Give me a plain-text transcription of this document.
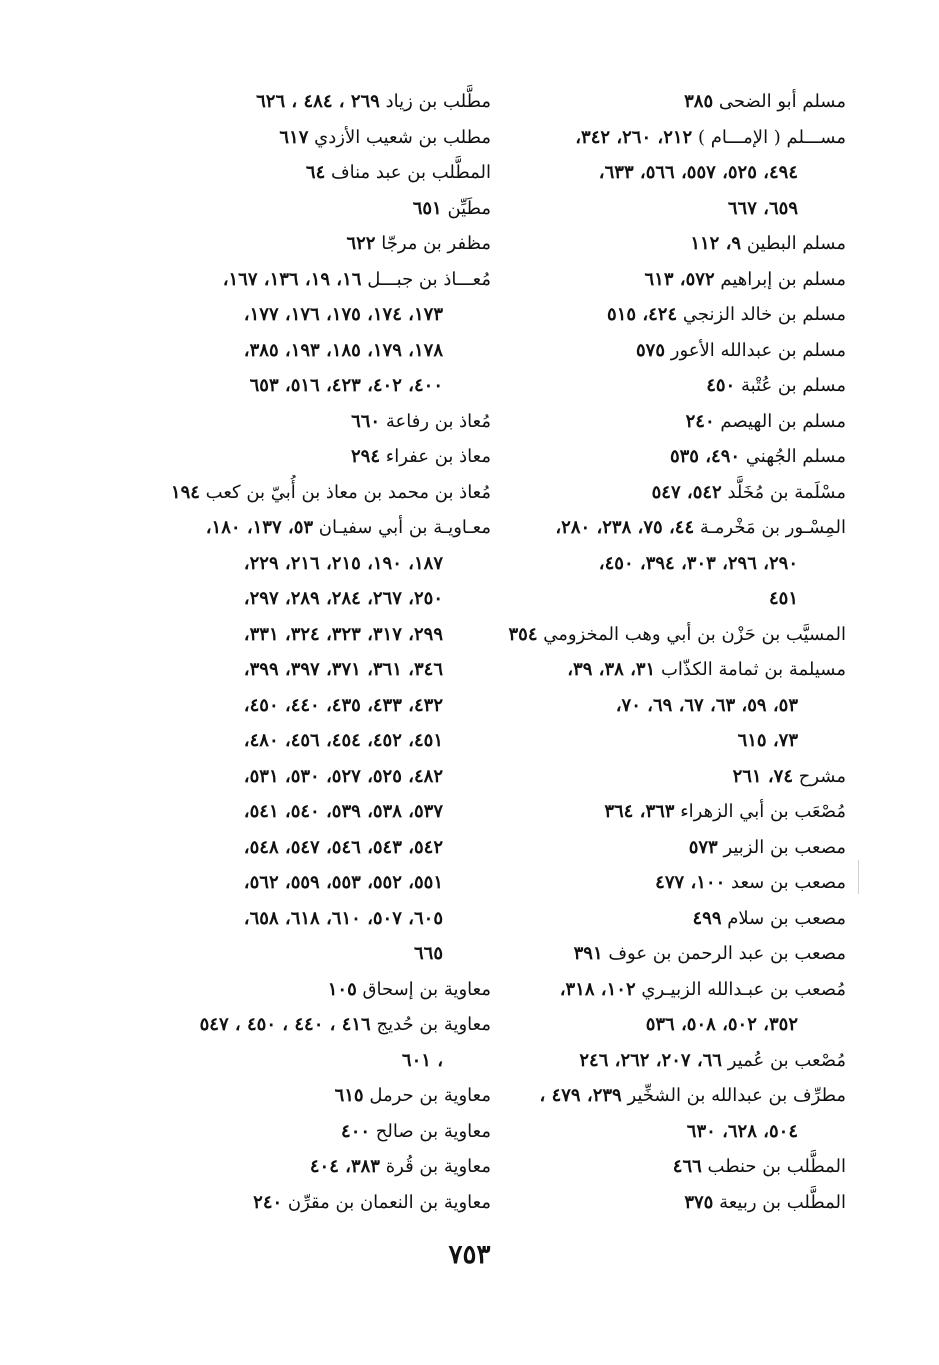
مسلم أبو الضحى ٣٨٥
مســـلم ( الإمـــام ) ٢١٢، ٢٦٠، ٣٤٢،
٤٩٤، ٥٢٥، ٥٥٧، ٥٦٦، ٦٣٣،
٦٥٩، ٦٦٧
مسلم البطين ٩، ١١٢
مسلم بن إبراهيم ٥٧٢، ٦١٣
مسلم بن خالد الزنجي ٤٢٤، ٥١٥
مسلم بن عبدالله الأعور ٥٧٥
مسلم بن عُتْبة ٤٥٠
مسلم بن الهيصم ٢٤٠
مسلم الجُهني ٤٩٠، ٥٣٥
مسْلَمة بن مُخَلَّد ٥٤٢، ٥٤٧
المِسْـور بن مَخْرمـة ٤٤، ٧٥، ٢٣٨، ٢٨٠،
٢٩٠، ٢٩٦، ٣٠٣، ٣٩٤، ٤٥٠،
٤٥١
المسيَّب بن حَزْن بن أبي وهب المخزومي ٣٥٤
مسيلمة بن ثمامة الكذّاب ٣١، ٣٨، ٣٩،
٥٣، ٥٩، ٦٣، ٦٧، ٦٩، ٧٠،
٧٣، ٦١٥
مشرح ٧٤، ٢٦١
مُصْعَب بن أبي الزهراء ٣٦٣، ٣٦٤
مصعب بن الزبير ٥٧٣
مصعب بن سعد ١٠٠، ٤٧٧
مصعب بن سلام ٤٩٩
مصعب بن عبد الرحمن بن عوف ٣٩١
مُصعب بن عبـدالله الزبيـري ١٠٢، ٣١٨،
٣٥٢، ٥٠٢، ٥٠٨، ٥٣٦
مُصْعب بن عُمير ٦٦، ٢٠٧، ٢٦٢، ٢٤٦
مطرِّف بن عبدالله بن الشخِّير ٢٣٩، ٤٧٩ ،
٥٠٤، ٦٢٨، ٦٣٠
المطَّلب بن حنطب ٤٦٦
المطَّلب بن ربيعة ٣٧٥
مطَّلب بن زياد ٢٦٩ ، ٤٨٤ ، ٦٢٦
مطلب بن شعيب الأزدي ٦١٧
المطَّلب بن عبد مناف ٦٤
مطَيِّن ٦٥١
مظفر بن مرجّا ٦٢٢
مُعـــاذ بن جبـــل ١٦، ١٩، ١٣٦، ١٦٧،
١٧٣، ١٧٤، ١٧٥، ١٧٦، ١٧٧،
١٧٨، ١٧٩، ١٨٥، ١٩٣، ٣٨٥،
٤٠٠، ٤٠٢، ٤٢٣، ٥١٦، ٦٥٣
مُعاذ بن رفاعة ٦٦٠
معاذ بن عفراء ٢٩٤
مُعاذ بن محمد بن معاذ بن أُبيّ بن كعب ١٩٤
معـاويـة بن أبي سفيـان ٥٣، ١٣٧، ١٨٠،
١٨٧، ١٩٠، ٢١٥، ٢١٦، ٢٢٩،
٢٥٠، ٢٦٧، ٢٨٤، ٢٨٩، ٢٩٧،
٢٩٩، ٣١٧، ٣٢٣، ٣٢٤، ٣٣١،
٣٤٦، ٣٦١، ٣٧١، ٣٩٧، ٣٩٩،
٤٣٢، ٤٣٣، ٤٣٥، ٤٤٠، ٤٥٠،
٤٥١، ٤٥٢، ٤٥٤، ٤٥٦، ٤٨٠،
٤٨٢، ٥٢٥، ٥٢٧، ٥٣٠، ٥٣١،
٥٣٧، ٥٣٨، ٥٣٩، ٥٤٠، ٥٤١،
٥٤٢، ٥٤٣، ٥٤٦، ٥٤٧، ٥٤٨،
٥٥١، ٥٥٢، ٥٥٣، ٥٥٩، ٥٦٢،
٦٠٥، ٥٠٧، ٦١٠، ٦١٨، ٦٥٨،
٦٦٥
معاوية بن إسحاق ١٠٥
معاوية بن حُديج ٤١٦ ، ٤٤٠ ، ٤٥٠ ، ٥٤٧
، ٦٠١
معاوية بن حرمل ٦١٥
معاوية بن صالح ٤٠٠
معاوية بن قُرة ٣٨٣، ٤٠٤
معاوية بن النعمان بن مقرِّن ٢٤٠
٧٥٣
